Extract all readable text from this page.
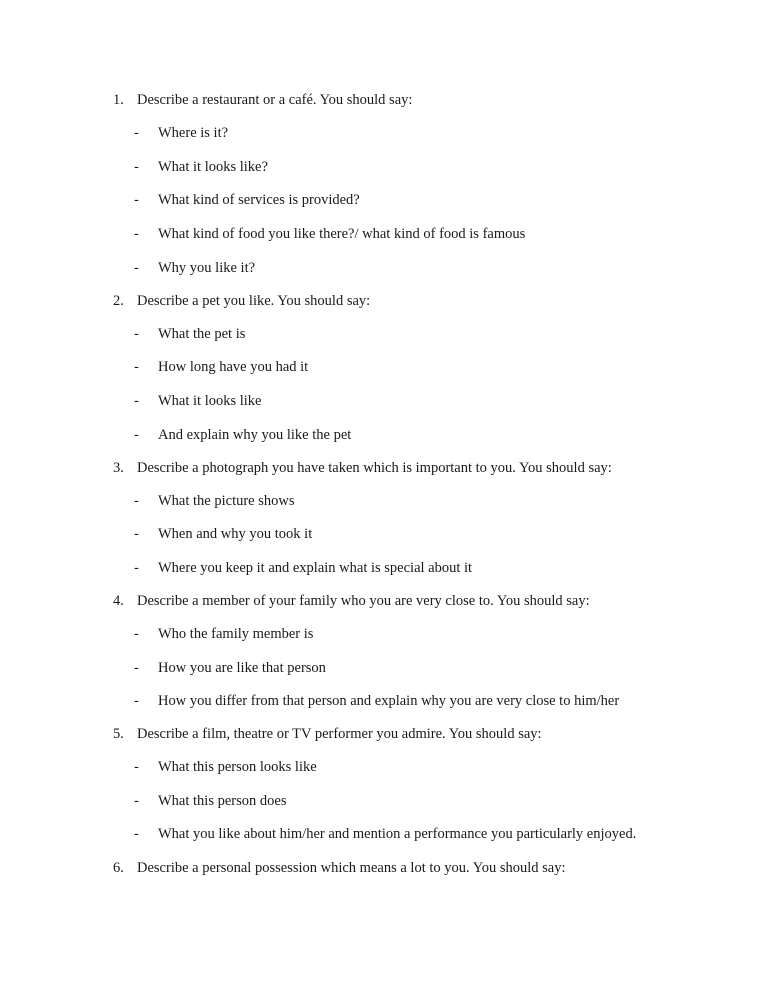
1. Describe a restaurant or a café. You should say:
- Where is it?
- What it looks like?
- What kind of services is provided?
- What kind of food you like there?/ what kind of food is famous
- Why you like it?
2. Describe a pet you like. You should say:
- What the pet is
- How long have you had it
- What it looks like
- And explain why you like the pet
3. Describe a photograph you have taken which is important to you. You should say:
- What the picture shows
- When and why you took it
- Where you keep it and explain what is special about it
4. Describe a member of your family who you are very close to. You should say:
- Who the family member is
- How you are like that person
- How you differ from that person and explain why you are very close to him/her
5. Describe a film, theatre or TV performer you admire. You should say:
- What this person looks like
- What this person does
- What you like about him/her and mention a performance you particularly enjoyed.
6. Describe a personal possession which means a lot to you. You should say:
